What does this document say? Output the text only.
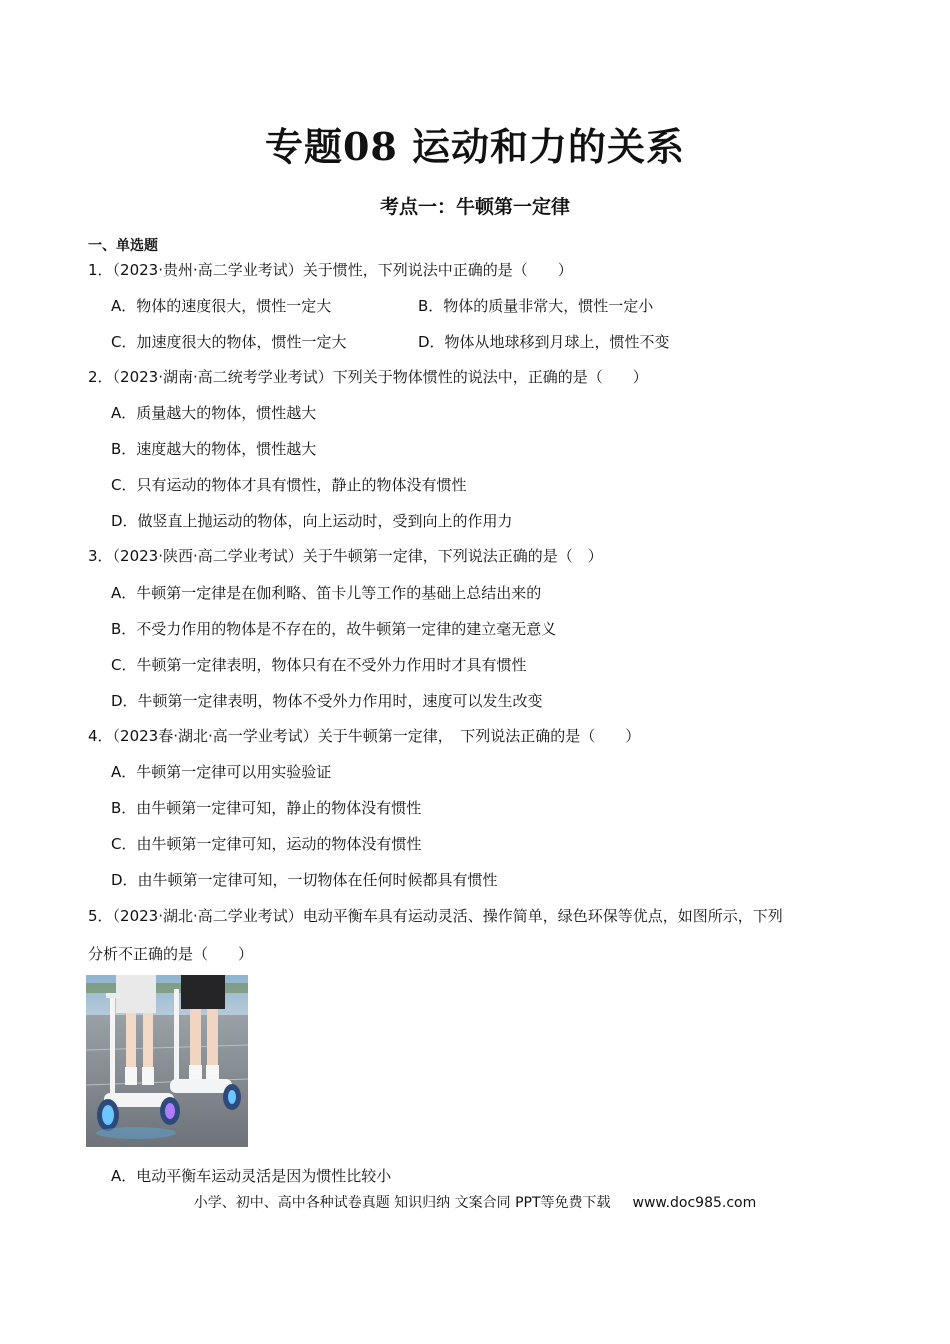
专题08 运动和力的关系
考点一：牛顿第一定律
一、单选题
1．（2023·贵州·高二学业考试）关于惯性，下列说法中正确的是（　　）
A．物体的速度很大，惯性一定大	B．物体的质量非常大，惯性一定小
C．加速度很大的物体，惯性一定大	D．物体从地球移到月球上，惯性不变
2．（2023·湖南·高二统考学业考试）下列关于物体惯性的说法中，正确的是（　　）
A．质量越大的物体，惯性越大
B．速度越大的物体，惯性越大
C．只有运动的物体才具有惯性，静止的物体没有惯性
D．做竖直上抛运动的物体，向上运动时，受到向上的作用力
3．（2023·陕西·高二学业考试）关于牛顿第一定律，下列说法正确的是（　）
A．牛顿第一定律是在伽利略、笛卡儿等工作的基础上总结出来的
B．不受力作用的物体是不存在的，故牛顿第一定律的建立毫无意义
C．牛顿第一定律表明，物体只有在不受外力作用时才具有惯性
D．牛顿第一定律表明，物体不受外力作用时，速度可以发生改变
4．（2023春·湖北·高一学业考试）关于牛顿第一定律，　下列说法正确的是（　　）
A．牛顿第一定律可以用实验验证
B．由牛顿第一定律可知，静止的物体没有惯性
C．由牛顿第一定律可知，运动的物体没有惯性
D．由牛顿第一定律可知，一切物体在任何时候都具有惯性
5．（2023·湖北·高二学业考试）电动平衡车具有运动灵活、操作简单，绿色环保等优点，如图所示，下列
分析不正确的是（　　）
A．电动平衡车运动灵活是因为惯性比较小
小学、初中、高中各种试卷真题 知识归纳 文案合同 PPT等免费下载 www.doc985.com
